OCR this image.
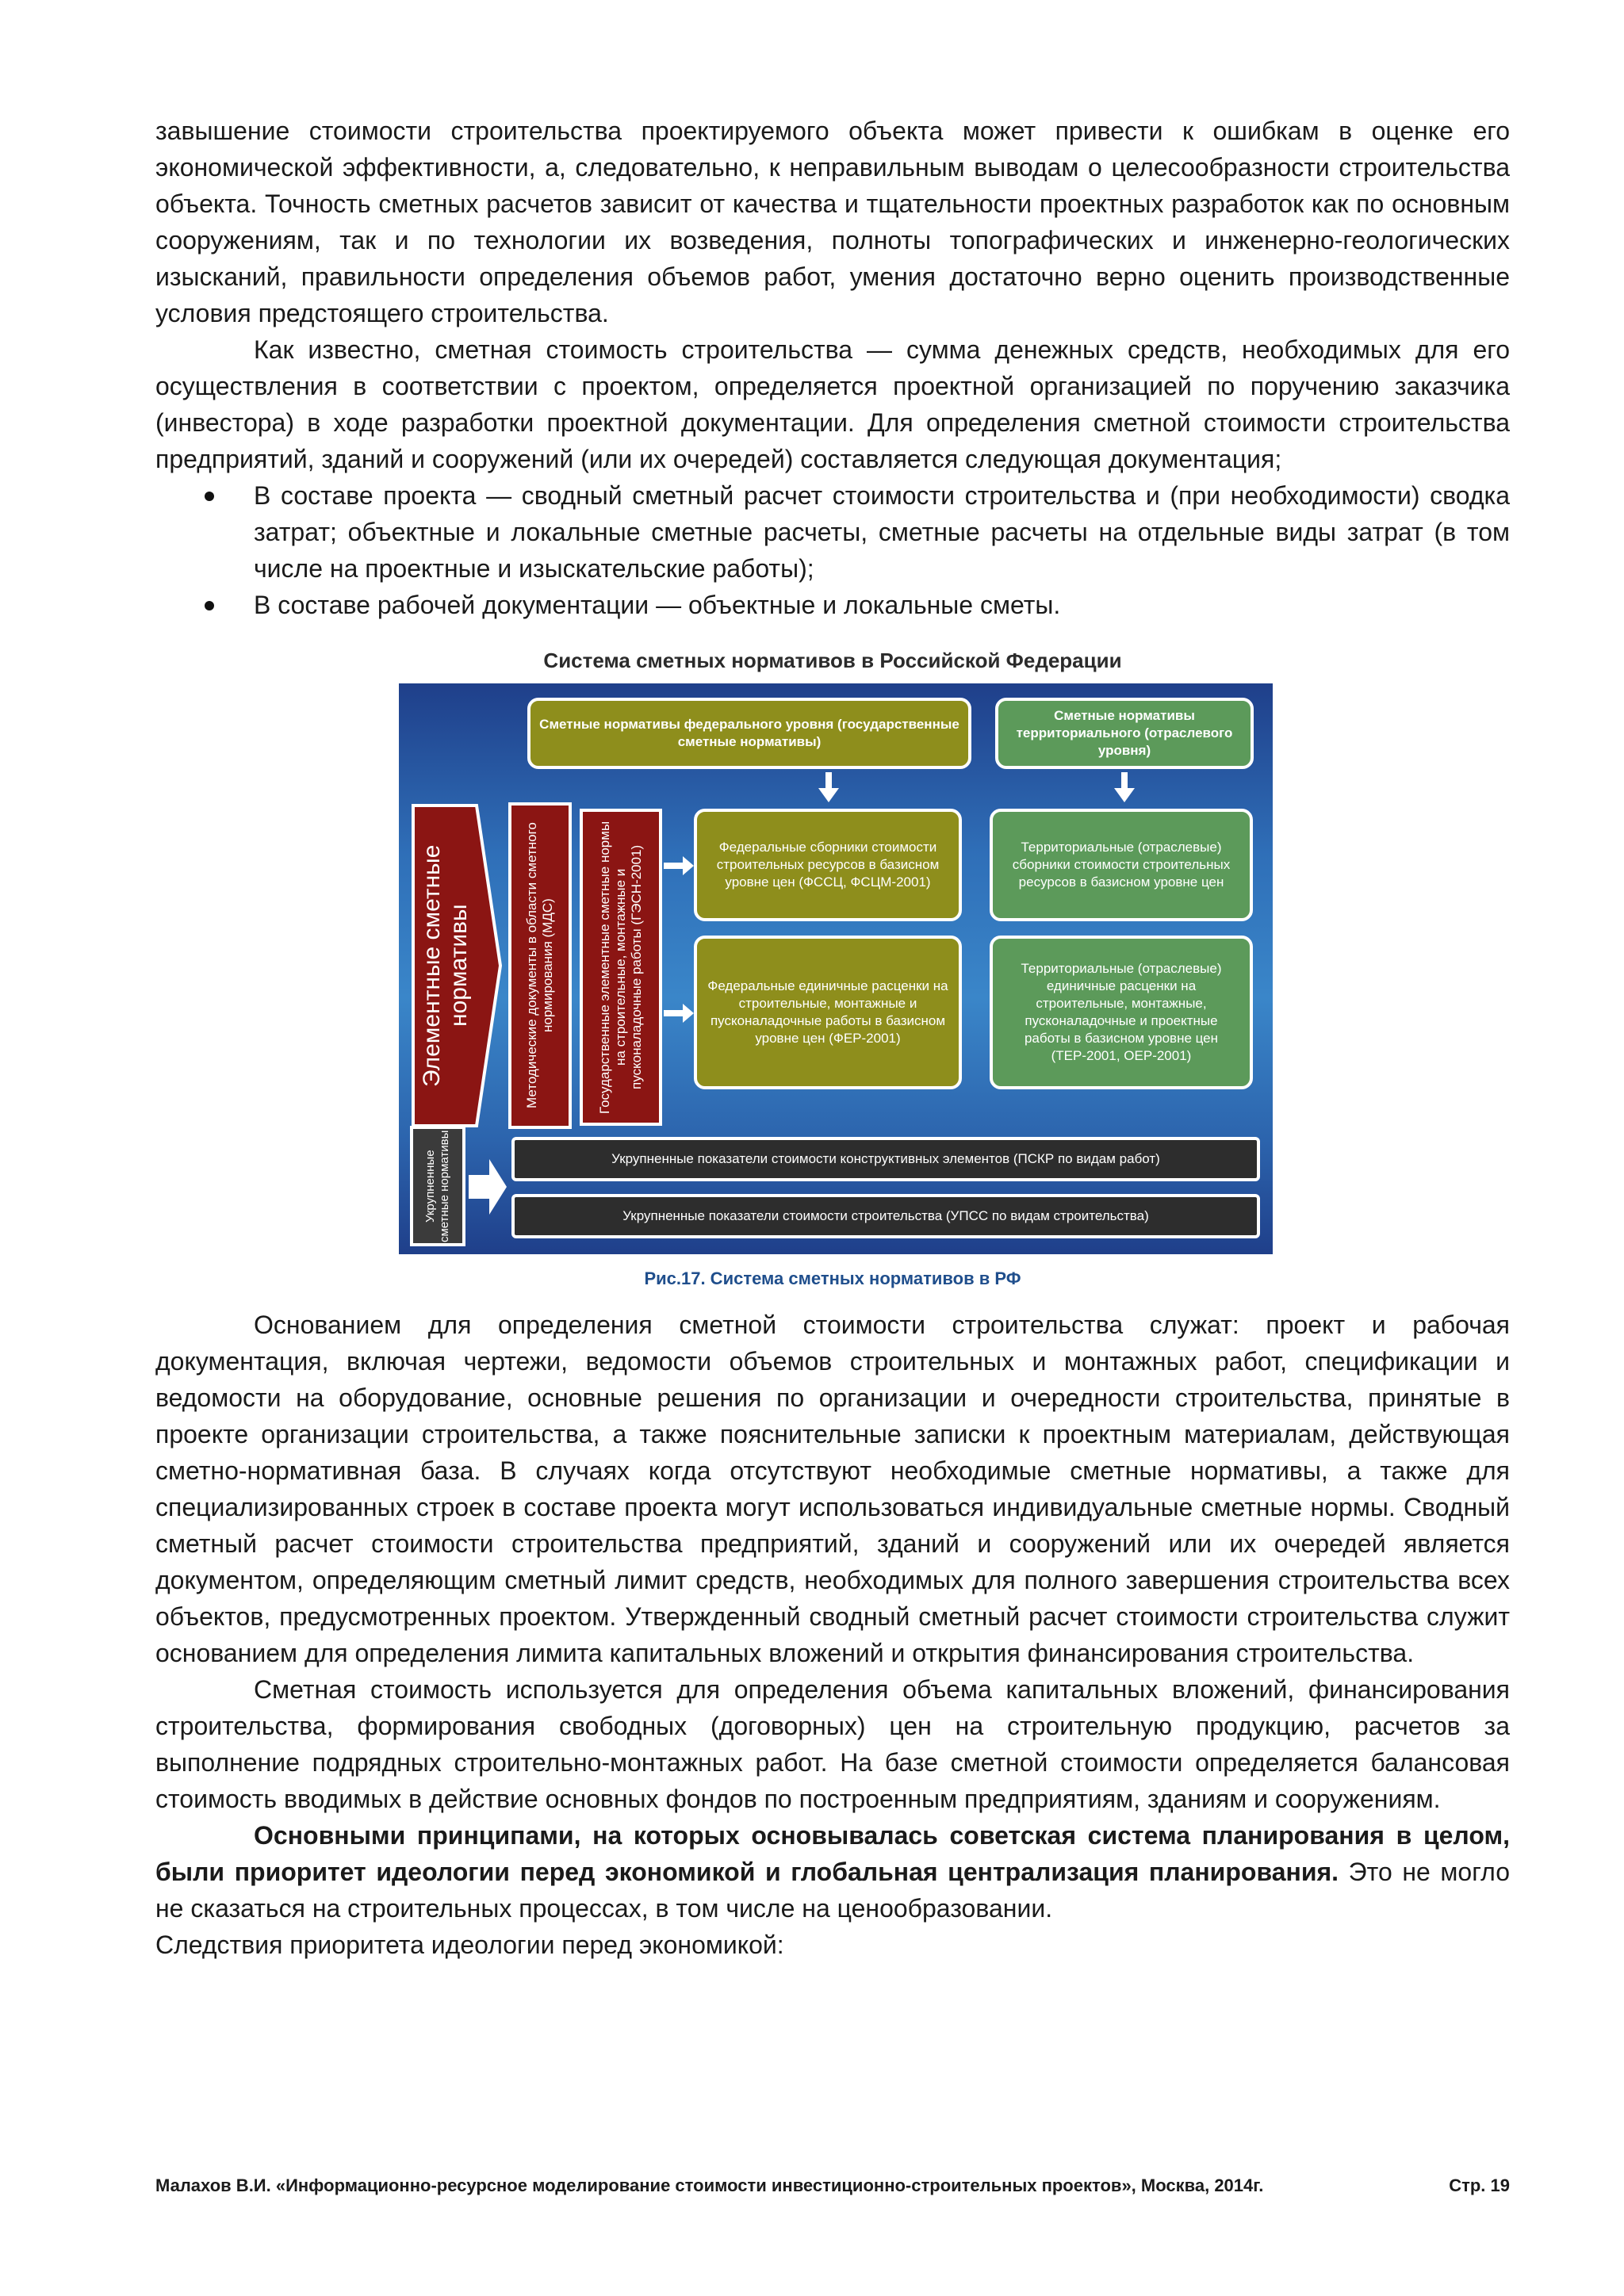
завышение стоимости строительства проектируемого объекта может привести к ошибкам в оценке его экономической эффективности, а, следовательно, к неправильным выводам о целесообразности строительства объекта. Точность сметных расчетов зависит от качества и тщательности проектных разработок как по основным сооружениям, так и по технологии их возведения, полноты топографических и инженерно-геологических изысканий, правильности определения объемов работ, умения достаточно верно оценить производственные условия предстоящего строительства.

Как известно, сметная стоимость строительства — сумма денежных средств, необходимых для его осуществления в соответствии с проектом, определяется проектной организацией по поручению заказчика (инвестора) в ходе разработки проектной документации. Для определения сметной стоимости строительства предприятий, зданий и сооружений (или их очередей) составляется следующая документация;

В составе проекта — сводный сметный расчет стоимости строительства и (при необходимости) сводка затрат; объектные и локальные сметные расчеты, сметные расчеты на отдельные виды затрат (в том числе на проектные и изыскательские работы);
В составе рабочей документации — объектные и локальные сметы.
Система сметных нормативов в Российской Федерации
Сметные нормативы федерального уровня (государственные сметные нормативы)
Сметные нормативы территориального (отраслевого уровня)
Элементные сметные нормативы	Методические документы в области сметного нормирования (МДС)	Государственные элементные сметные нормы на строительные, монтажные и пусконаладочные работы (ГЭСН-2001)	Федеральные сборники стоимости строительных ресурсов в базисном уровне цен (ФССЦ, ФСЦМ-2001)
Федеральные единичные расценки на строительные, монтажные и пусконаладочные работы в базисном уровне цен (ФЕР-2001)
Территориальные (отраслевые) сборники стоимости строительных ресурсов в базисном уровне цен
Территориальные (отраслевые) единичные расценки на строительные, монтажные, пусконаладочные и проектные работы в базисном уровне цен (ТЕР-2001, ОЕР-2001)
Укрупненные сметные нормативы	Укрупненные показатели стоимости конструктивных элементов (ПСКР по видам работ)
Укрупненные показатели стоимости строительства (УПСС по видам строительства)
Рис.17. Система сметных нормативов в РФ

Основанием для определения сметной стоимости строительства служат: проект и рабочая документация, включая чертежи, ведомости объемов строительных и монтажных работ, спецификации и ведомости на оборудование, основные решения по организации и очередности строительства, принятые в проекте организации строительства, а также пояснительные записки к проектным материалам, действующая сметно-нормативная база. В случаях когда отсутствуют необходимые сметные нормативы, а также для специализированных строек в составе проекта могут использоваться индивидуальные сметные нормы. Сводный сметный расчет стоимости строительства предприятий, зданий и сооружений или их очередей является документом, определяющим сметный лимит средств, необходимых для полного завершения строительства всех объектов, предусмотренных проектом. Утвержденный сводный сметный расчет стоимости строительства служит основанием для определения лимита капитальных вложений и открытия финансирования строительства.

Сметная стоимость используется для определения объема капитальных вложений, финансирования строительства, формирования свободных (договорных) цен на строительную продукцию, расчетов за выполнение подрядных строительно-монтажных работ. На базе сметной стоимости определяется балансовая стоимость вводимых в действие основных фондов по построенным предприятиям, зданиям и сооружениям.

Основными принципами, на которых основывалась советская система планирования в целом, были приоритет идеологии перед экономикой и глобальная централизация планирования. Это не могло не сказаться на строительных процессах, в том числе на ценообразовании.

Следствия приоритета идеологии перед экономикой:

Малахов В.И. «Информационно-ресурсное моделирование стоимости инвестиционно-строительных проектов», Москва, 2014г.	Стр. 19
